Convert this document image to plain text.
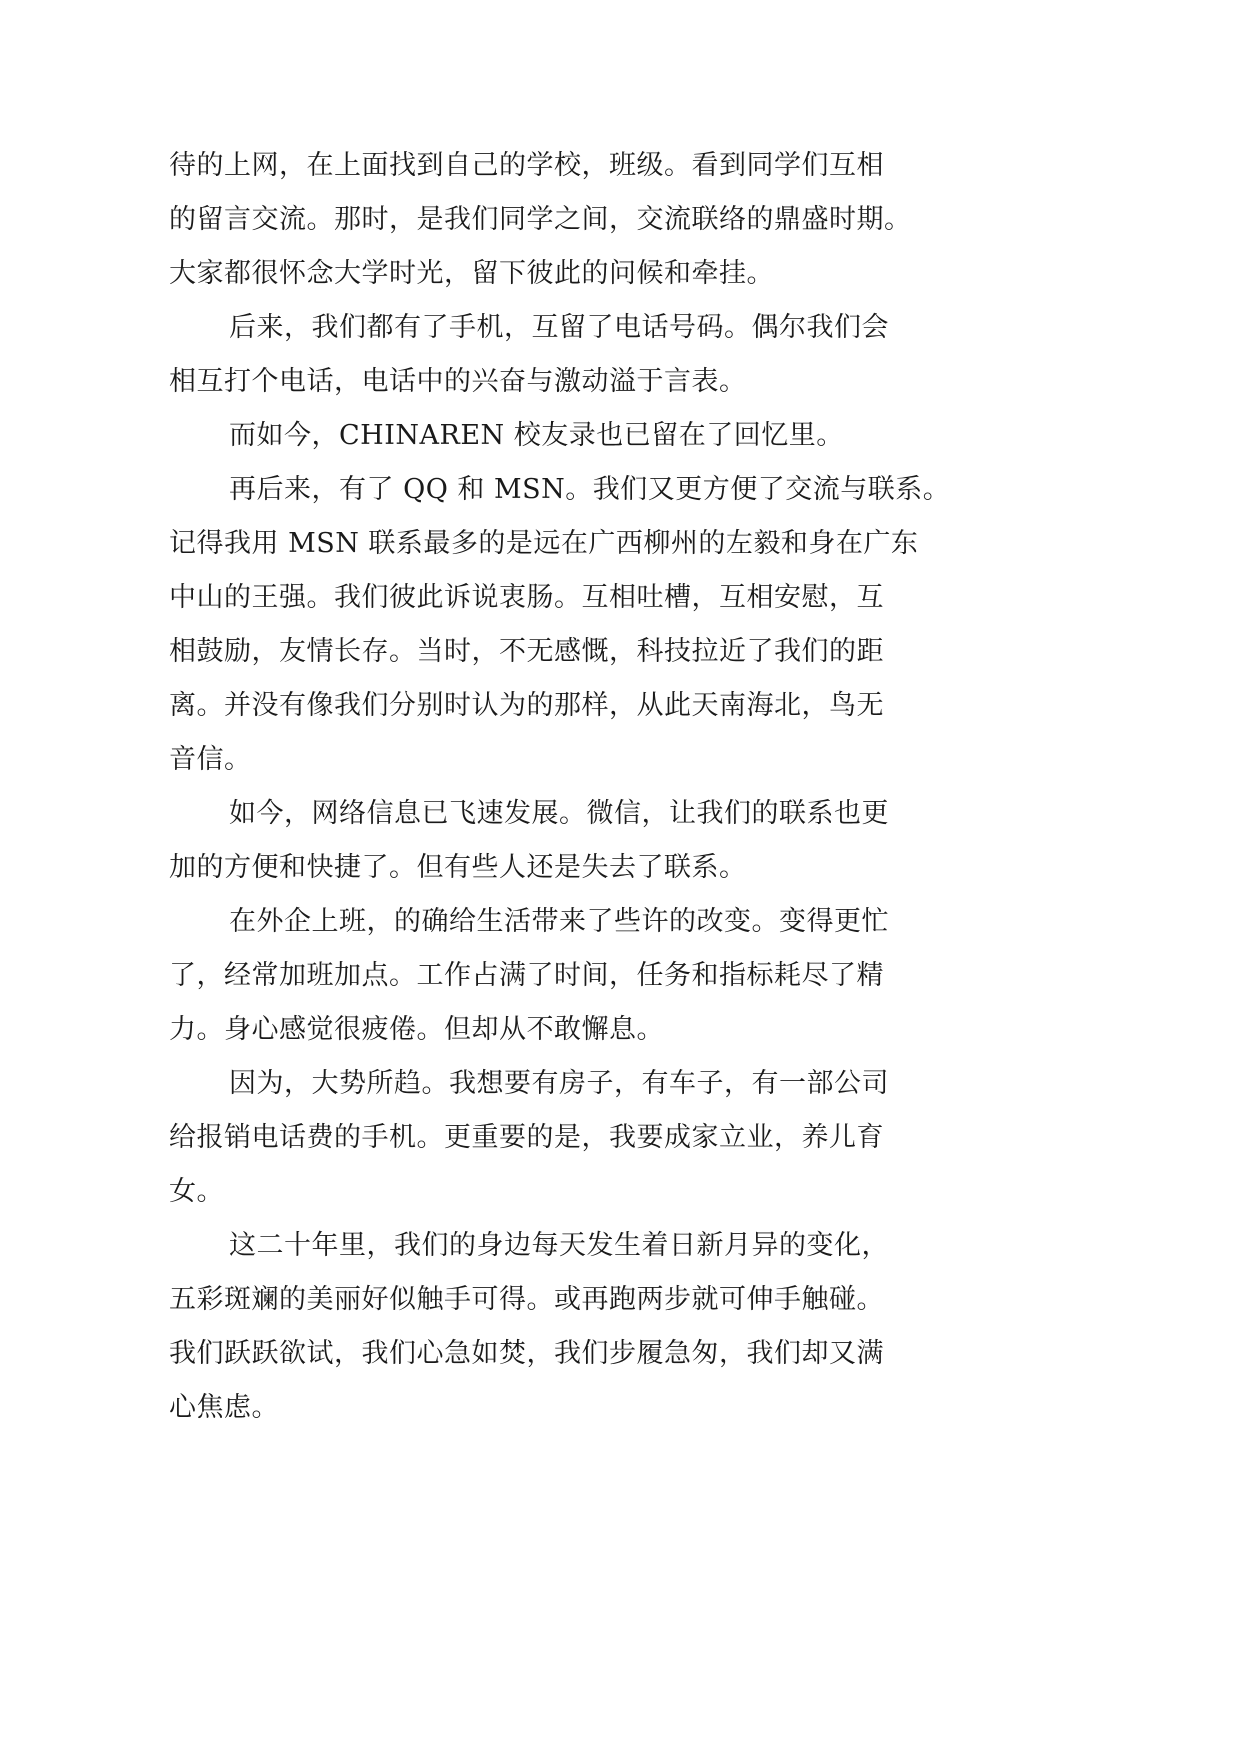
待的上网，在上面找到自己的学校，班级。看到同学们互相
的留言交流。那时，是我们同学之间，交流联络的鼎盛时期。
大家都很怀念大学时光，留下彼此的问候和牵挂。
后来，我们都有了手机，互留了电话号码。偶尔我们会
相互打个电话，电话中的兴奋与激动溢于言表。
而如今，CHINAREN 校友录也已留在了回忆里。
再后来，有了 QQ 和 MSN。我们又更方便了交流与联系。
记得我用 MSN 联系最多的是远在广西柳州的左毅和身在广东
中山的王强。我们彼此诉说衷肠。互相吐槽，互相安慰，互
相鼓励，友情长存。当时，不无感慨，科技拉近了我们的距
离。并没有像我们分别时认为的那样，从此天南海北，鸟无
音信。
如今，网络信息已飞速发展。微信，让我们的联系也更
加的方便和快捷了。但有些人还是失去了联系。
在外企上班，的确给生活带来了些许的改变。变得更忙
了，经常加班加点。工作占满了时间，任务和指标耗尽了精
力。身心感觉很疲倦。但却从不敢懈息。
因为，大势所趋。我想要有房子，有车子，有一部公司
给报销电话费的手机。更重要的是，我要成家立业，养儿育
女。
这二十年里，我们的身边每天发生着日新月异的变化，
五彩斑斓的美丽好似触手可得。或再跑两步就可伸手触碰。
我们跃跃欲试，我们心急如焚，我们步履急匆，我们却又满
心焦虑。
